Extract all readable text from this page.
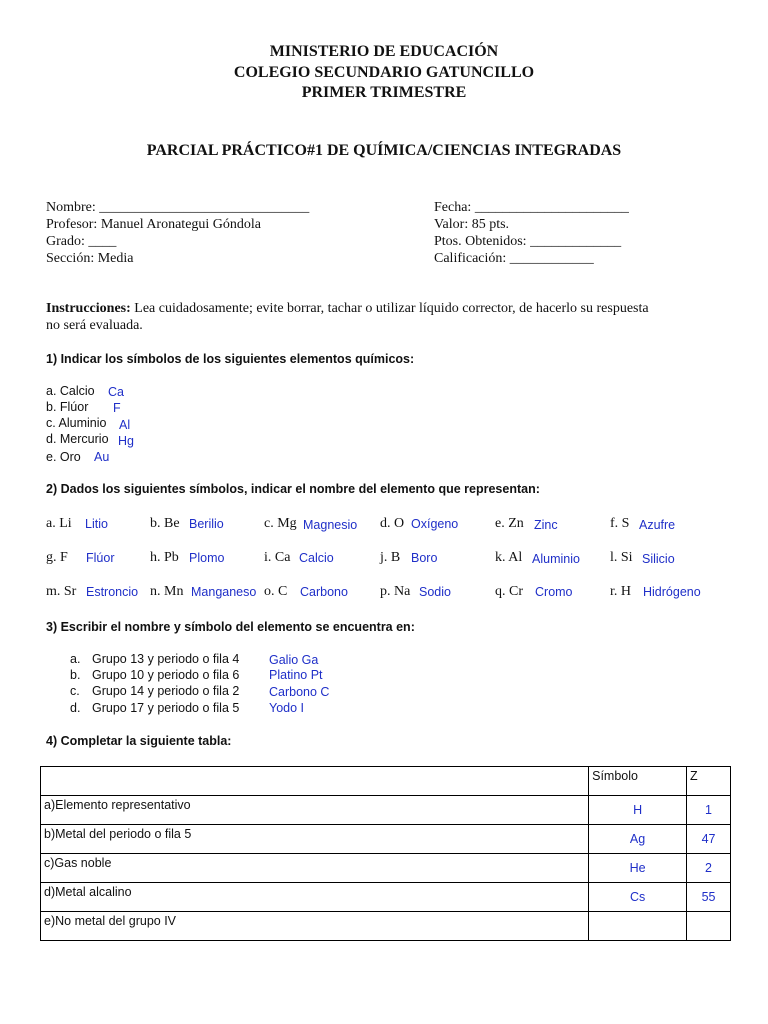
MINISTERIO DE EDUCACIÓN
COLEGIO SECUNDARIO GATUNCILLO
PRIMER TRIMESTRE
PARCIAL PRÁCTICO#1 DE QUÍMICA/CIENCIAS INTEGRADAS
Nombre: ______________________________
Profesor: Manuel Aronategui Góndola
Grado: ____
Sección: Media
Fecha: ______________________
Valor: 85 pts.
Ptos. Obtenidos: _____________
Calificación: ____________
Instrucciones: Lea cuidadosamente; evite borrar, tachar o utilizar líquido corrector, de hacerlo su respuesta
no será evaluada.
1) Indicar los símbolos de los siguientes elementos químicos:
a. Calcio Ca
b. Flúor F
c. Aluminio Al
d. Mercurio Hg
e. Oro Au
2) Dados los siguientes símbolos, indicar el nombre del elemento que representan:
a. Li Litio	b. Be Berilio	c. Mg Magnesio d. O Oxígeno	e. Zn Zinc	f. S Azufre
g. F Flúor	h. Pb Plomo	i. Ca Calcio	j. B Boro	k. Al Aluminio l. Si Silicio
m. Sr Estroncio n. Mn Manganeso o. C Carbono p. Na Sodio	q. Cr Cromo	r. H Hidrógeno
3) Escribir el nombre y símbolo del elemento se encuentra en:
a. Grupo 13 y periodo o fila 4 Galio Ga
b. Grupo 10 y periodo o fila 6 Platino Pt
c. Grupo 14 y periodo o fila 2 Carbono C
d. Grupo 17 y periodo o fila 5 Yodo I
4) Completar la siguiente tabla:
	Símbolo	Z
a)Elemento representativo	H	1
b)Metal del periodo o fila 5	Ag	47
c)Gas noble	He	2
d)Metal alcalino	Cs	55
e)No metal del grupo IV		
